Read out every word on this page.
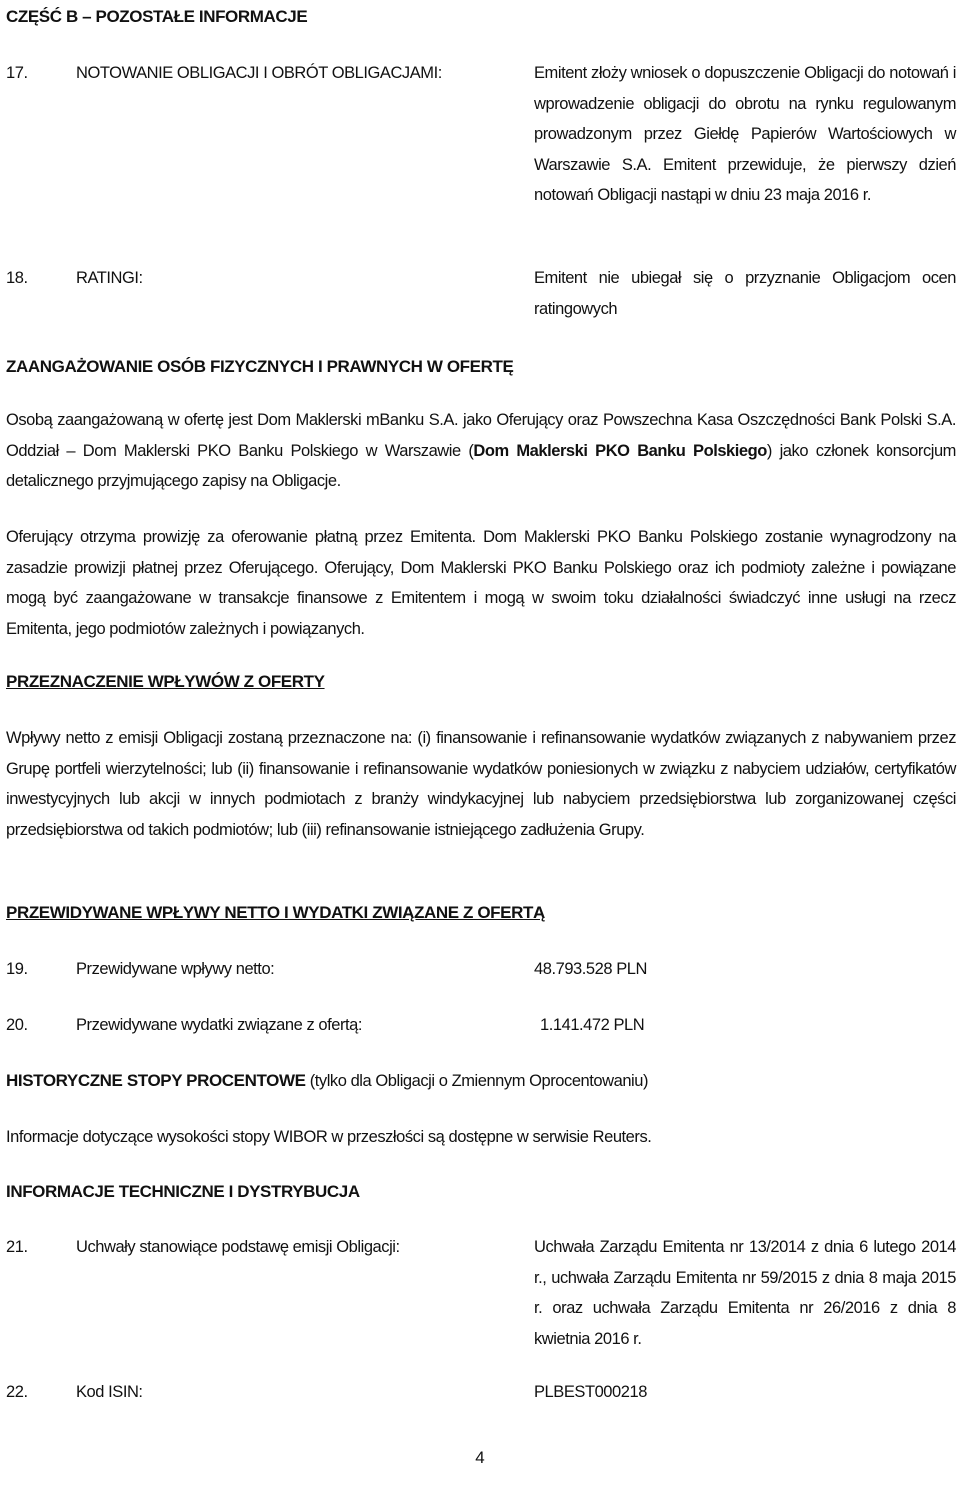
CZĘŚĆ B – POZOSTAŁE INFORMACJE
17.	NOTOWANIE OBLIGACJI I OBRÓT OBLIGACJAMI:	Emitent złoży wniosek o dopuszczenie Obligacji do notowań i wprowadzenie obligacji do obrotu na rynku regulowanym prowadzonym przez Giełdę Papierów Wartościowych w Warszawie S.A. Emitent przewiduje, że pierwszy dzień notowań Obligacji nastąpi w dniu 23 maja 2016 r.
18.	RATINGI:	Emitent nie ubiegał się o przyznanie Obligacjom ocen ratingowych
ZAANGAŻOWANIE OSÓB FIZYCZNYCH I PRAWNYCH W OFERTĘ
Osobą zaangażowaną w ofertę jest Dom Maklerski mBanku S.A. jako Oferujący oraz Powszechna Kasa Oszczędności Bank Polski S.A. Oddział – Dom Maklerski PKO Banku Polskiego w Warszawie (Dom Maklerski PKO Banku Polskiego) jako członek konsorcjum detalicznego przyjmującego zapisy na Obligacje.
Oferujący otrzyma prowizję za oferowanie płatną przez Emitenta. Dom Maklerski PKO Banku Polskiego zostanie wynagrodzony na zasadzie prowizji płatnej przez Oferującego. Oferujący, Dom Maklerski PKO Banku Polskiego oraz ich podmioty zależne i powiązane mogą być zaangażowane w transakcje finansowe z Emitentem i mogą w swoim toku działalności świadczyć inne usługi na rzecz Emitenta, jego podmiotów zależnych i powiązanych.
PRZEZNACZENIE WPŁYWÓW Z OFERTY
Wpływy netto z emisji Obligacji zostaną przeznaczone na: (i) finansowanie i refinansowanie wydatków związanych z nabywaniem przez Grupę portfeli wierzytelności; lub (ii) finansowanie i refinansowanie wydatków poniesionych w związku z nabyciem udziałów, certyfikatów inwestycyjnych lub akcji w innych podmiotach z branży windykacyjnej lub nabyciem przedsiębiorstwa lub zorganizowanej części przedsiębiorstwa od takich podmiotów; lub (iii) refinansowanie istniejącego zadłużenia Grupy.
PRZEWIDYWANE WPŁYWY NETTO I WYDATKI ZWIĄZANE Z OFERTĄ
19.	Przewidywane wpływy netto:	48.793.528 PLN
20.	Przewidywane wydatki związane z ofertą:	1.141.472 PLN
HISTORYCZNE STOPY PROCENTOWE (tylko dla Obligacji o Zmiennym Oprocentowaniu)
Informacje dotyczące wysokości stopy WIBOR w przeszłości są dostępne w serwisie Reuters.
INFORMACJE TECHNICZNE I DYSTRYBUCJA
21.	Uchwały stanowiące podstawę emisji Obligacji:	Uchwała Zarządu Emitenta nr 13/2014 z dnia 6 lutego 2014 r., uchwała Zarządu Emitenta nr 59/2015 z dnia 8 maja 2015 r. oraz uchwała Zarządu Emitenta nr 26/2016 z dnia 8 kwietnia 2016 r.
22.	Kod ISIN:	PLBEST000218
4
